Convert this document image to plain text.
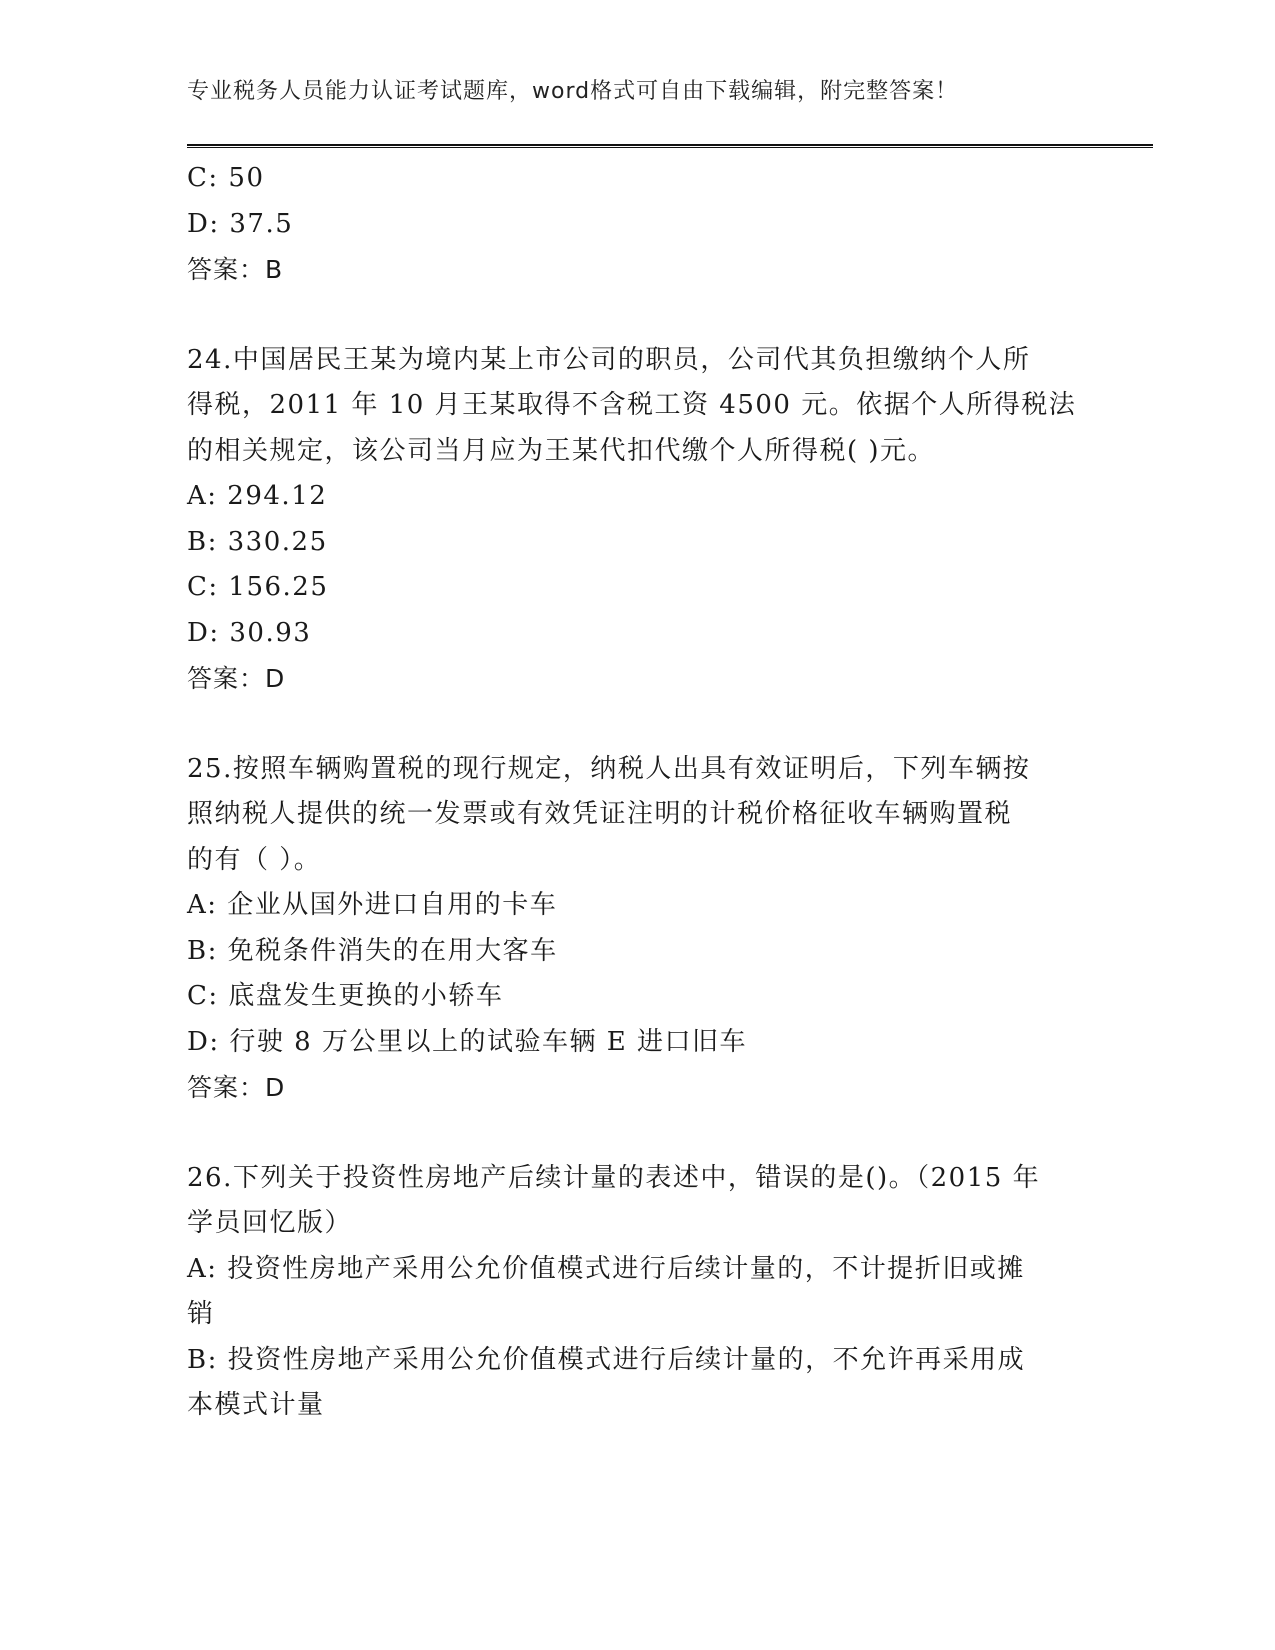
专业税务人员能力认证考试题库，word格式可自由下载编辑，附完整答案！
C: 50
D: 37.5
答案：B
24.中国居民王某为境内某上市公司的职员，公司代其负担缴纳个人所
得税，2011 年 10 月王某取得不含税工资 4500 元。依据个人所得税法
的相关规定，该公司当月应为王某代扣代缴个人所得税( )元。
A: 294.12
B: 330.25
C: 156.25
D: 30.93
答案：D
25.按照车辆购置税的现行规定，纳税人出具有效证明后，下列车辆按
照纳税人提供的统一发票或有效凭证注明的计税价格征收车辆购置税
的有（ ）。
A: 企业从国外进口自用的卡车
B: 免税条件消失的在用大客车
C: 底盘发生更换的小轿车
D: 行驶 8 万公里以上的试验车辆 E 进口旧车
答案：D
26.下列关于投资性房地产后续计量的表述中，错误的是()。（2015 年
学员回忆版）
A: 投资性房地产采用公允价值模式进行后续计量的，不计提折旧或摊
销
B: 投资性房地产采用公允价值模式进行后续计量的，不允许再采用成
本模式计量
